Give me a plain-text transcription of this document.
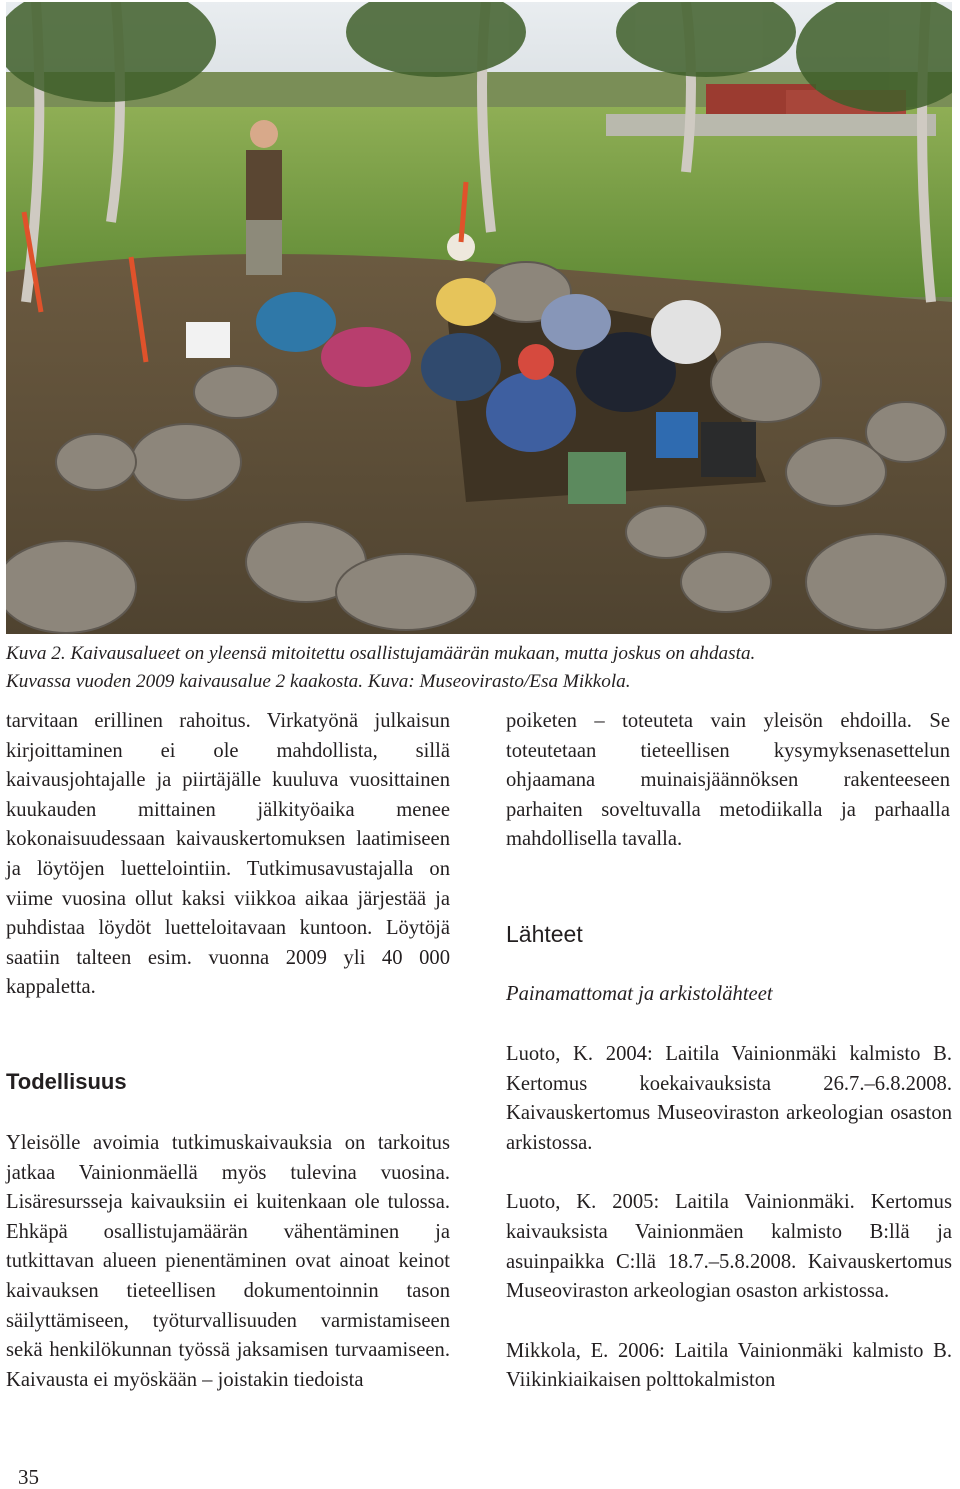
Kuva 2. Kaivausalueet on yleensä mitoitettu osallistujamäärän mukaan, mutta joskus on ahdasta.

Kuvassa vuoden 2009 kaivausalue 2 kaakosta. Kuva: Museovirasto/Esa Mikkola.

tarvitaan erillinen rahoitus. Virkatyönä julkaisun kirjoittaminen ei ole mahdollista, sillä kaivausjohtajalle ja piirtäjälle kuuluva vuosittainen kuukauden mittainen jälkityöaika menee kokonaisuudessaan kaivauskertomuksen laatimiseen ja löytöjen luettelointiin. Tutkimusavustajalla on viime vuosina ollut kaksi viikkoa aikaa järjestää ja puhdistaa löydöt luetteloitavaan kuntoon. Löytöjä saatiin talteen esim. vuonna 2009 yli 40 000 kappaletta.

Todellisuus

Yleisölle avoimia tutkimuskaivauksia on tarkoitus jatkaa Vainionmäellä myös tulevina vuosina. Lisäresursseja kaivauksiin ei kuitenkaan ole tulossa. Ehkäpä osallistujamäärän vähentäminen ja tutkittavan alueen pienentäminen ovat ainoat keinot kaivauksen tieteellisen dokumentoinnin tason säilyttämiseen, työturvallisuuden varmistamiseen sekä henkilökunnan työssä jaksamisen turvaamiseen. Kaivausta ei myöskään – joistakin tiedoista

poiketen – toteuteta vain yleisön ehdoilla. Se toteutetaan tieteellisen kysymyksenasettelun ohjaamana muinaisjäännöksen rakenteeseen parhaiten soveltuvalla metodiikalla ja parhaalla mahdollisella tavalla.

Lähteet

Painamattomat ja arkistolähteet

Luoto, K. 2004: Laitila Vainionmäki kalmisto B. Kertomus koekaivauksista 26.7.–6.8.2008. Kaivauskertomus Museoviraston arkeologian osaston arkistossa.

Luoto, K. 2005: Laitila Vainionmäki. Kertomus kaivauksista Vainionmäen kalmisto B:llä ja asuinpaikka C:llä 18.7.–5.8.2008. Kaivauskertomus Museoviraston arkeologian osaston arkistossa.

Mikkola, E. 2006: Laitila Vainionmäki kalmisto B. Viikinkiaikaisen polttokalmiston

35
